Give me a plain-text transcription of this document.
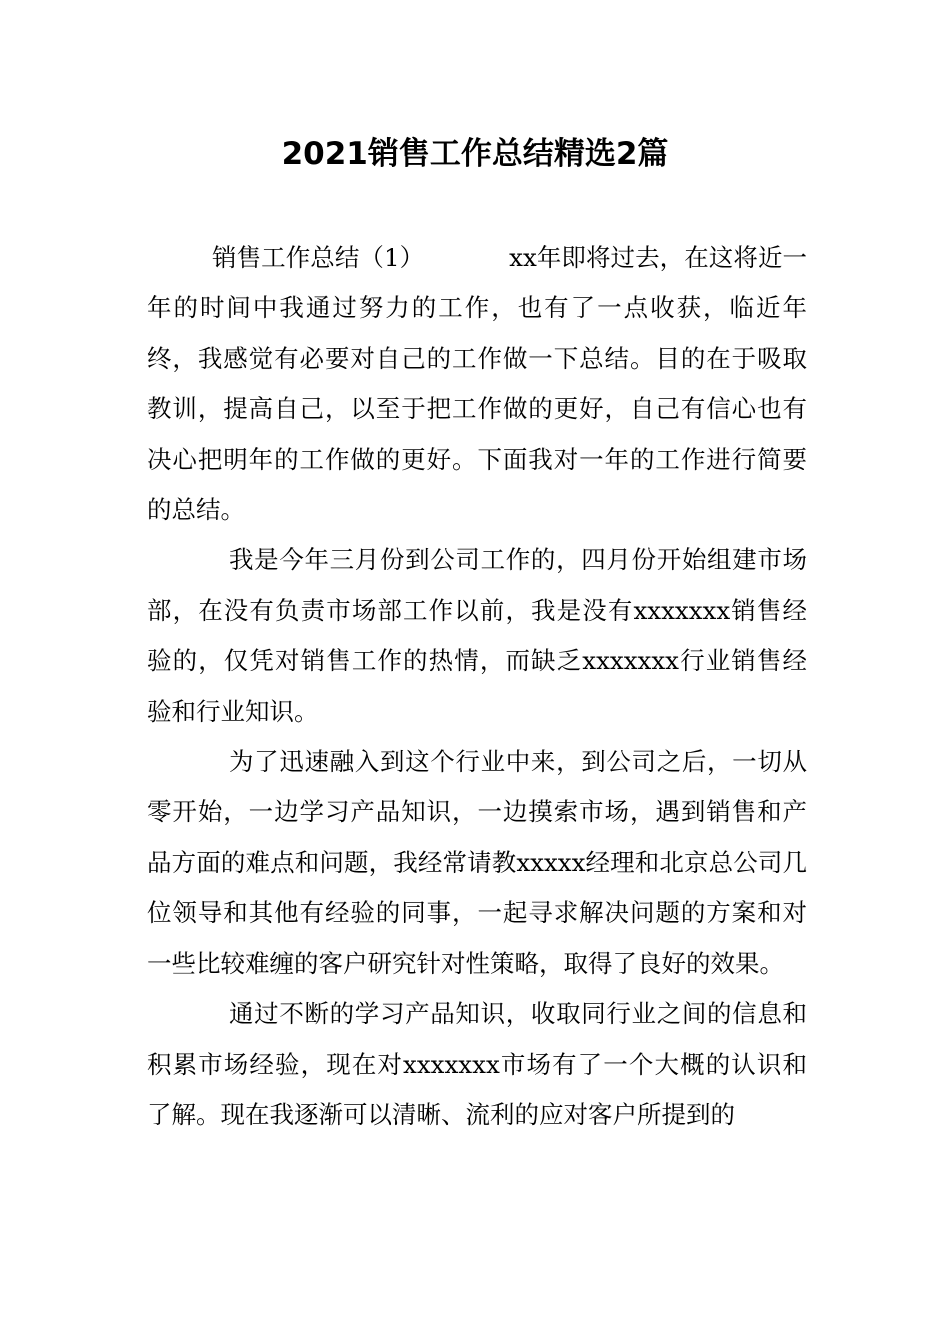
2021销售工作总结精选2篇

销售工作总结（1）	xx年即将过去，在这将近一年的时间中我通过努力的工作，也有了一点收获，临近年终，我感觉有必要对自己的工作做一下总结。目的在于吸取教训，提高自己，以至于把工作做的更好，自己有信心也有决心把明年的工作做的更好。下面我对一年的工作进行简要的总结。

我是今年三月份到公司工作的，四月份开始组建市场部，在没有负责市场部工作以前，我是没有xxxxxxx销售经验的，仅凭对销售工作的热情，而缺乏xxxxxxx行业销售经验和行业知识。

为了迅速融入到这个行业中来，到公司之后，一切从零开始，一边学习产品知识，一边摸索市场，遇到销售和产品方面的难点和问题，我经常请教xxxxx经理和北京总公司几位领导和其他有经验的同事，一起寻求解决问题的方案和对一些比较难缠的客户研究针对性策略，取得了良好的效果。

通过不断的学习产品知识，收取同行业之间的信息和积累市场经验，现在对xxxxxxx市场有了一个大概的认识和了解。现在我逐渐可以清晰、流利的应对客户所提到的
